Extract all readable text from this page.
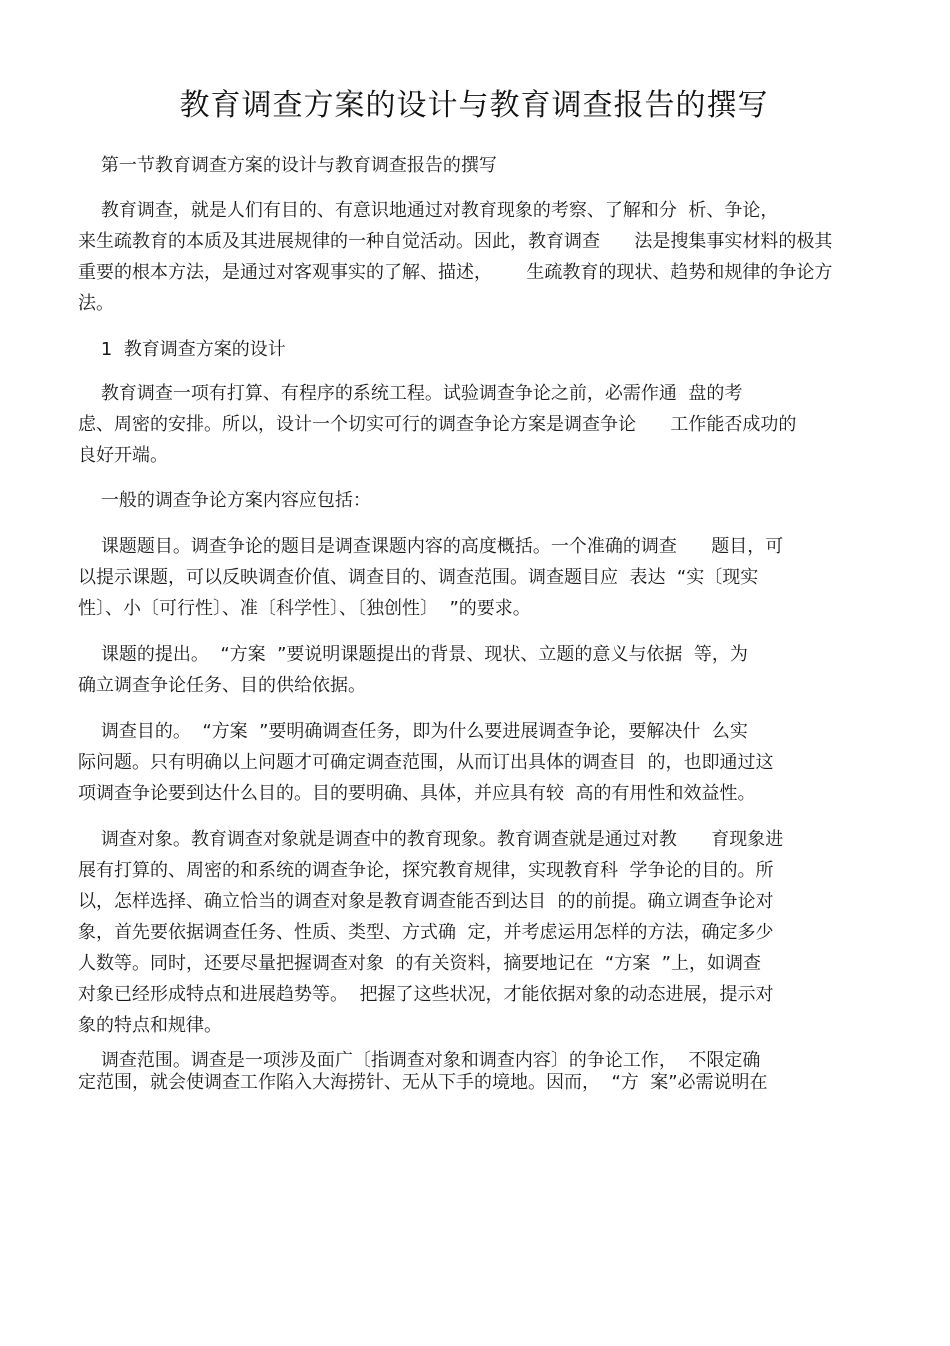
教育调查方案的设计与教育调查报告的撰写
第一节教育调查方案的设计与教育调查报告的撰写
教育调查，就是人们有目的、有意识地通过对教育现象的考察、了解和分  析、争论，
来生疏教育的本质及其进展规律的一种自觉活动。因此，教育调查      法是搜集事实材料的极其
重要的根本方法，是通过对客观事实的了解、描述，      生疏教育的现状、趋势和规律的争论方
法。
1  教育调查方案的设计
教育调查一项有打算、有程序的系统工程。试验调查争论之前，必需作通  盘的考
虑、周密的安排。所以，设计一个切实可行的调查争论方案是调查争论      工作能否成功的
良好开端。
一般的调查争论方案内容应包括：
课题题目。调查争论的题目是调查课题内容的高度概括。一个准确的调查      题目，可
以提示课题，可以反映调查价值、调查目的、调查范围。调查题目应  表达  “实〔现实
性〕、小〔可行性〕、准〔科学性〕、〔独创性〕  ”的要求。
课题的提出。  “方案  ”要说明课题提出的背景、现状、立题的意义与依据  等，为
确立调查争论任务、目的供给依据。
调查目的。  “方案  ”要明确调查任务，即为什么要进展调查争论，要解决什  么实
际问题。只有明确以上问题才可确定调查范围，从而订出具体的调查目  的，也即通过这
项调查争论要到达什么目的。目的要明确、具体，并应具有较  高的有用性和效益性。
调查对象。教育调查对象就是调查中的教育现象。教育调查就是通过对教      育现象进
展有打算的、周密的和系统的调查争论，探究教育规律，实现教育科  学争论的目的。所
以，怎样选择、确立恰当的调查对象是教育调查能否到达目  的的前提。确立调查争论对
象，首先要依据调查任务、性质、类型、方式确  定，并考虑运用怎样的方法，确定多少
人数等。同时，还要尽量把握调查对象  的有关资料，摘要地记在  “方案  ”上，如调查
对象已经形成特点和进展趋势等。  把握了这些状况，才能依据对象的动态进展，提示对
象的特点和规律。
调查范围。调查是一项涉及面广〔指调查对象和调查内容〕的争论工作，  不限定确
定范围，就会使调查工作陷入大海捞针、无从下手的境地。因而，  “方  案”必需说明在
